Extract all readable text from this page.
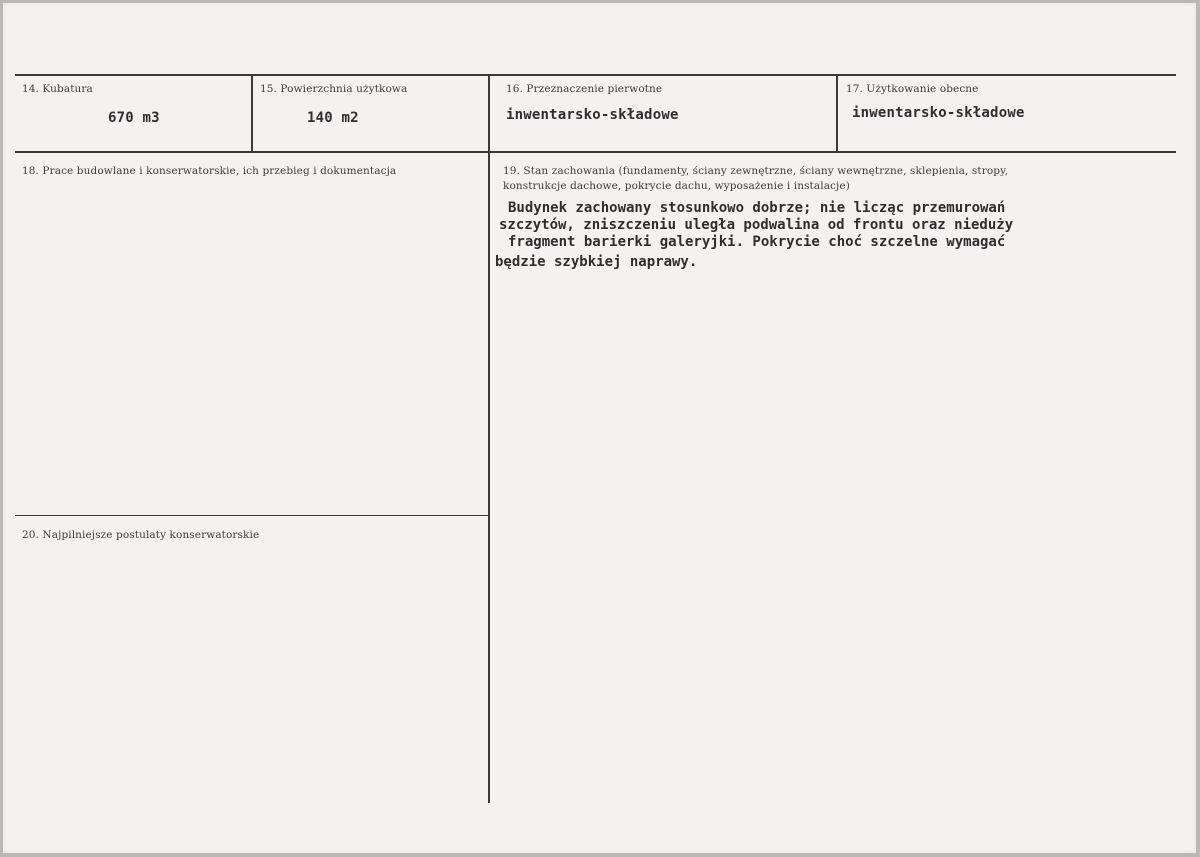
14. Kubatura
670 m3
15. Powierzchnia użytkowa
140 m2
16. Przeznaczenie pierwotne
inwentarsko-składowe
17. Użytkowanie obecne
inwentarsko-składowe
18. Prace budowlane i konserwatorskie, ich przebieg i dokumentacja	19. Stan zachowania (fundamenty, ściany zewnętrzne, ściany wewnętrzne, sklepienia, stropy,
konstrukcje dachowe, pokrycie dachu, wyposażenie i instalacje)
Budynek zachowany stosunkowo dobrze; nie licząc przemurowań
szczytów, zniszczeniu uległa podwalina od frontu oraz nieduży
fragment barierki galeryjki. Pokrycie choć szczelne wymagać
będzie szybkiej naprawy.
20. Najpilniejsze postulaty konserwatorskie
